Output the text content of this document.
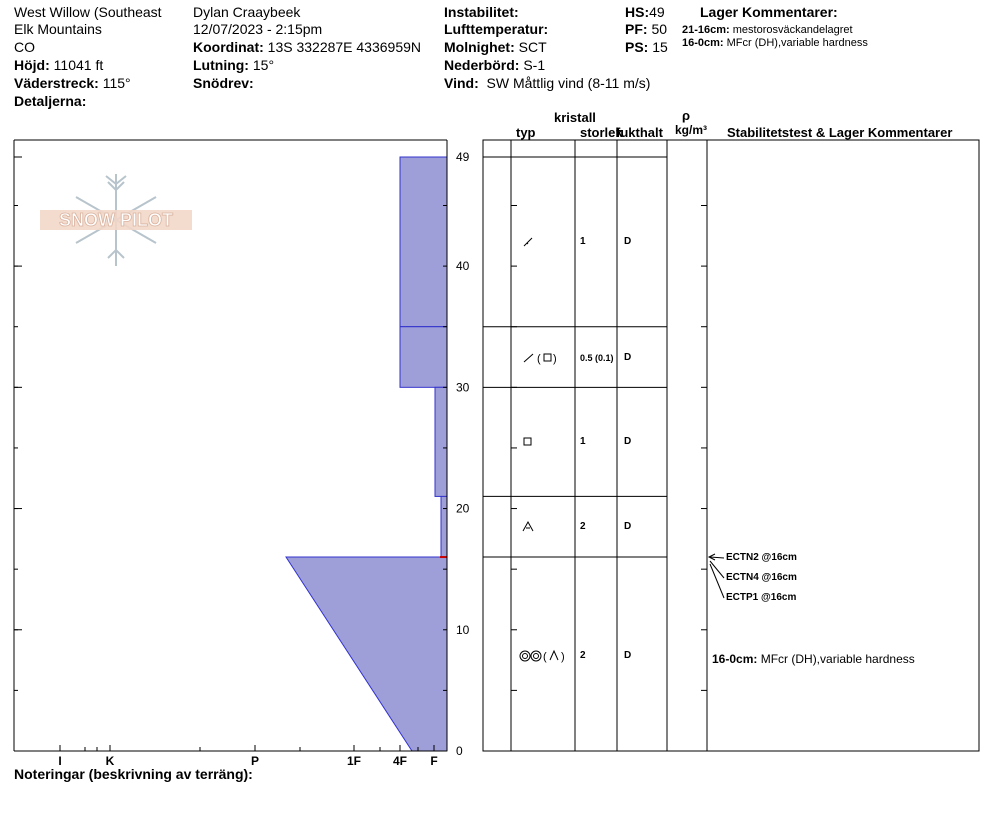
West Willow (Southeast
Elk Mountains
CO
Höjd: 11041 ft
Väderstreck: 115°
Detaljerna:
Dylan Craaybeek
12/07/2023 - 2:15pm
Koordinat: 13S 332287E 4336959N
Lutning: 15°
Snödrev:
Instabilitet:
Lufttemperatur:
Molnighet: SCT
Nederbörd: S-1
Vind: SW Måttlig vind (8-11 m/s)
HS:49
PF: 50
PS: 15
Lager Kommentarer:
21-16cm: mestorosväckandelagret
16-0cm: MFcr (DH),variable hardness
kristall
typ	storlek
fukthalt
ρ
kg/m³ Stabilitetstest & Lager Kommentarer
0
10
20
30
40
49
I	K	P	1F	4F F
( )
( )
1	D
0.5 (0.1) D
1	D
2	D
2	D
ECTN2 @16cm
ECTN4 @16cm
ECTP1 @16cm
16-0cm: MFcr (DH),variable hardness
SNOW PILOT
Noteringar (beskrivning av terräng):
